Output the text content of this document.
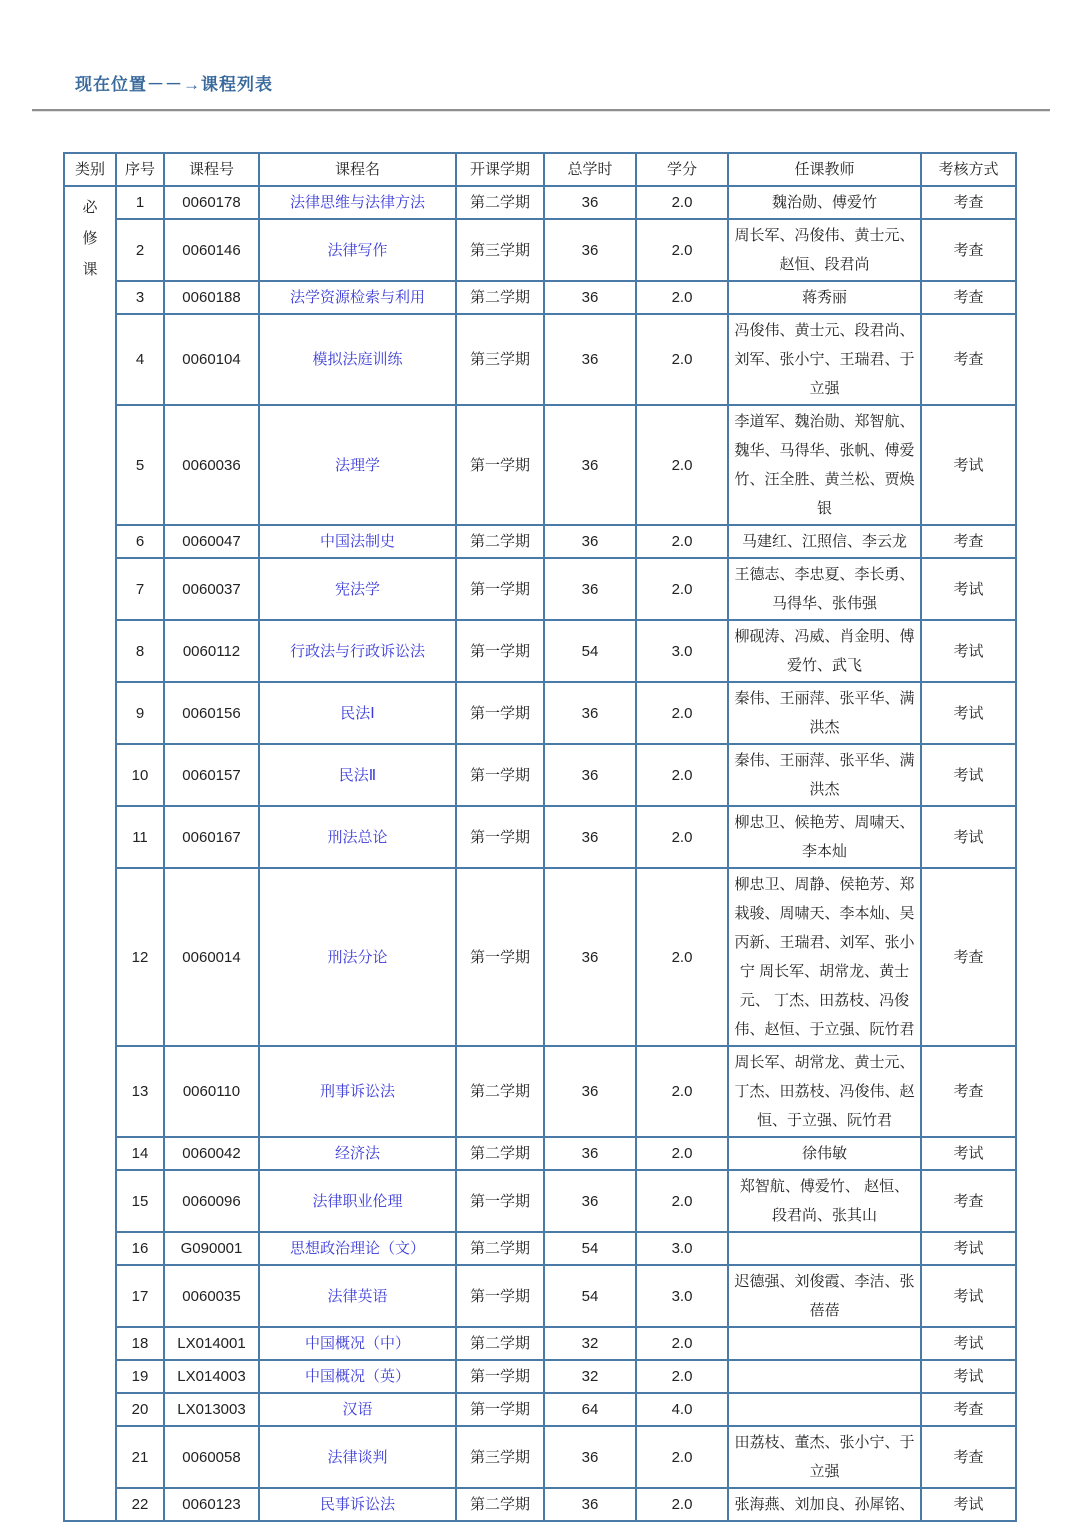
现在位置－－→课程列表
类别	序号	课程号	课程名	开课学期	总学时	学分	任课教师	考核方式

必
修
课	1	0060178	法律思维与法律方法	第二学期	36	2.0	魏治勋、傅爱竹	考查
	2	0060146	法律写作	第三学期	36	2.0	周长军、冯俊伟、黄士元、赵恒、段君尚	考查
	3	0060188	法学资源检索与利用	第二学期	36	2.0	蒋秀丽	考查
	4	0060104	模拟法庭训练	第三学期	36	2.0	冯俊伟、黄士元、段君尚、刘军、张小宁、王瑞君、于立强	考查
	5	0060036	法理学	第一学期	36	2.0	李道军、魏治勋、郑智航、魏华、马得华、张帆、傅爱竹、汪全胜、黄兰松、贾焕银	考试
	6	0060047	中国法制史	第二学期	36	2.0	马建红、江照信、李云龙	考查
	7	0060037	宪法学	第一学期	36	2.0	王德志、李忠夏、李长勇、马得华、张伟强	考试
	8	0060112	行政法与行政诉讼法	第一学期	54	3.0	柳砚涛、冯威、肖金明、傅爱竹、武飞	考试
	9	0060156	民法Ⅰ	第一学期	36	2.0	秦伟、王丽萍、张平华、满洪杰	考试
	10	0060157	民法Ⅱ	第一学期	36	2.0	秦伟、王丽萍、张平华、满洪杰	考试
	11	0060167	刑法总论	第一学期	36	2.0	柳忠卫、候艳芳、周啸天、李本灿	考试
	12	0060014	刑法分论	第一学期	36	2.0	柳忠卫、周静、侯艳芳、郑栽骏、周啸天、李本灿、吴丙新、王瑞君、刘军、张小宁 周长军、胡常龙、黄士元、 丁杰、田荔枝、冯俊伟、赵恒、于立强、阮竹君	考查
	13	0060110	刑事诉讼法	第二学期	36	2.0	周长军、胡常龙、黄士元、丁杰、田荔枝、冯俊伟、赵恒、于立强、阮竹君	考查
	14	0060042	经济法	第二学期	36	2.0	徐伟敏	考试
	15	0060096	法律职业伦理	第一学期	36	2.0	郑智航、傅爱竹、 赵恒、段君尚、张其山	考查
	16	G090001	思想政治理论（文）	第二学期	54	3.0		考试
	17	0060035	法律英语	第一学期	54	3.0	迟德强、刘俊霞、李洁、张蓓蓓	考试
	18	LX014001	中国概况（中）	第二学期	32	2.0		考试
	19	LX014003	中国概况（英）	第一学期	32	2.0		考试
	20	LX013003	汉语	第一学期	64	4.0		考查
	21	0060058	法律谈判	第三学期	36	2.0	田荔枝、董杰、张小宁、于立强	考查
	22	0060123	民事诉讼法	第二学期	36	2.0	张海燕、刘加良、孙犀铭、	考试
